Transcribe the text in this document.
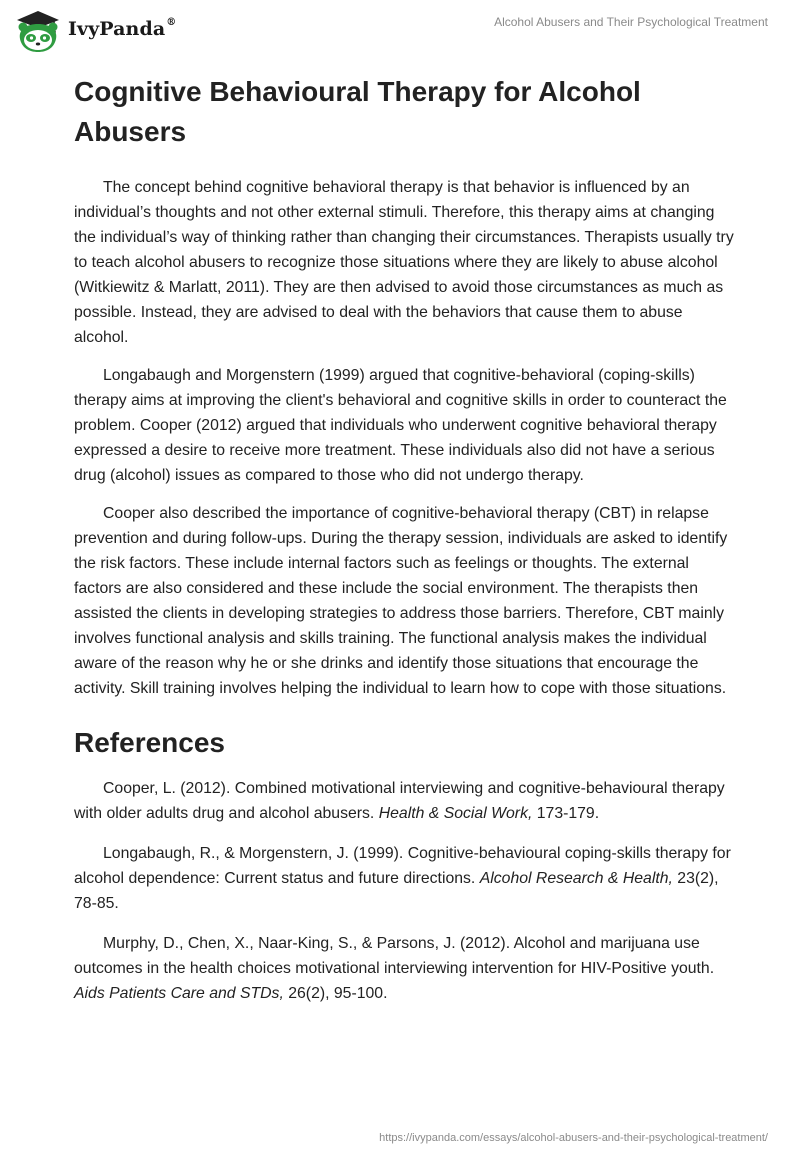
IvyPanda®	Alcohol Abusers and Their Psychological Treatment
Cognitive Behavioural Therapy for Alcohol Abusers

The concept behind cognitive behavioral therapy is that behavior is influenced by an individual’s thoughts and not other external stimuli. Therefore, this therapy aims at changing the individual’s way of thinking rather than changing their circumstances. Therapists usually try to teach alcohol abusers to recognize those situations where they are likely to abuse alcohol (Witkiewitz & Marlatt, 2011). They are then advised to avoid those circumstances as much as possible. Instead, they are advised to deal with the behaviors that cause them to abuse alcohol.

Longabaugh and Morgenstern (1999) argued that cognitive-behavioral (coping-skills) therapy aims at improving the client's behavioral and cognitive skills in order to counteract the problem. Cooper (2012) argued that individuals who underwent cognitive behavioral therapy expressed a desire to receive more treatment. These individuals also did not have a serious drug (alcohol) issues as compared to those who did not undergo therapy.

Cooper also described the importance of cognitive-behavioral therapy (CBT) in relapse prevention and during follow-ups. During the therapy session, individuals are asked to identify the risk factors. These include internal factors such as feelings or thoughts. The external factors are also considered and these include the social environment. The therapists then assisted the clients in developing strategies to address those barriers. Therefore, CBT mainly involves functional analysis and skills training. The functional analysis makes the individual aware of the reason why he or she drinks and identify those situations that encourage the activity. Skill training involves helping the individual to learn how to cope with those situations.

References

Cooper, L. (2012). Combined motivational interviewing and cognitive-behavioural therapy with older adults drug and alcohol abusers. Health & Social Work, 173-179.

Longabaugh, R., & Morgenstern, J. (1999). Cognitive-behavioural coping-skills therapy for alcohol dependence: Current status and future directions. Alcohol Research & Health, 23(2), 78-85.

Murphy, D., Chen, X., Naar-King, S., & Parsons, J. (2012). Alcohol and marijuana use outcomes in the health choices motivational interviewing intervention for HIV-Positive youth. Aids Patients Care and STDs, 26(2), 95-100.

https://ivypanda.com/essays/alcohol-abusers-and-their-psychological-treatment/
